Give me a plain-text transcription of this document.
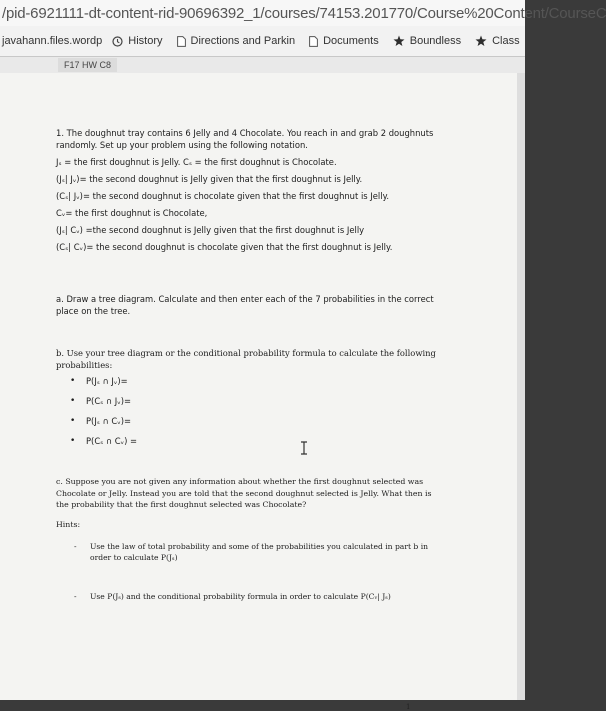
/pid-6921111-dt-content-rid-90696392_1/courses/74153.201770/Course%20Content/CourseC
javahann.files.wordp History	Directions and Parkin	Documents	Boundless	Class
F17 HW C8

1. The doughnut tray contains 6 Jelly and 4 Chocolate. You reach in and grab 2 doughnuts randomly. Set up your problem using the following notation.

Jₛ = the first doughnut is Jelly. Cₛ = the first doughnut is Chocolate.

(Jₛ| Jᵥ)= the second doughnut is Jelly given that the first doughnut is Jelly.

(Cₛ| Jᵥ)= the second doughnut is chocolate given that the first doughnut is Jelly.

Cᵥ= the first doughnut is Chocolate,

(Jₛ| Cᵥ) =the second doughnut is Jelly given that the first doughnut is Jelly

(Cₛ| Cᵥ)= the second doughnut is chocolate given that the first doughnut is Jelly.

a. Draw a tree diagram. Calculate and then enter each of the 7 probabilities in the correct place on the tree.

b. Use your tree diagram or the conditional probability formula to calculate the following probabilities:

• P(Jₛ ∩ Jᵥ)=
• P(Cₛ ∩ Jᵥ)=
• P(Jₛ ∩ Cᵥ)=
• P(Cₛ ∩ Cᵥ) =

c. Suppose you are not given any information about whether the first doughnut selected was Chocolate or Jelly. Instead you are told that the second doughnut selected is Jelly. What then is the probability that the first doughnut selected was Chocolate?

Hints:

- Use the law of total probability and some of the probabilities you calculated in part b in order to calculate P(Jₛ)
- Use P(Jₛ) and the conditional probability formula in order to calculate P(Cᵥ| Jₛ)
1
